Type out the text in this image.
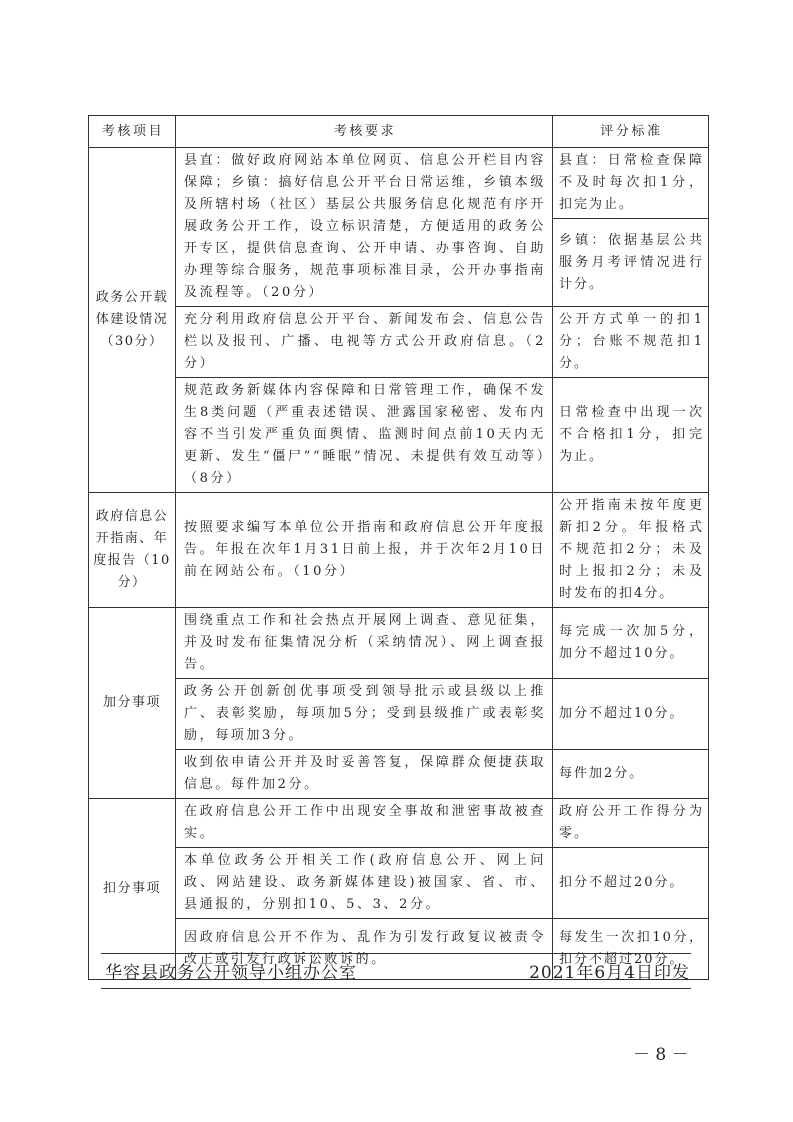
考核项目	考核要求	评分标准
政务公开载体建设情况（30分）	县直：做好政府网站本单位网页、信息公开栏目内容保障；乡镇：搞好信息公开平台日常运维，乡镇本级及所辖村场（社区）基层公共服务信息化规范有序开展政务公开工作，设立标识清楚，方便适用的政务公开专区，提供信息查询、公开申请、办事咨询、自助办理等综合服务，规范事项标准目录，公开办事指南及流程等。（20分）	县直：日常检查保障不及时每次扣1分，扣完为止。
		乡镇：依据基层公共服务月考评情况进行计分。
	充分利用政府信息公开平台、新闻发布会、信息公告栏以及报刊、广播、电视等方式公开政府信息。（2分）	公开方式单一的扣1分；台账不规范扣1分。
	规范政务新媒体内容保障和日常管理工作，确保不发生8类问题（严重表述错误、泄露国家秘密、发布内容不当引发严重负面舆情、监测时间点前10天内无更新、发生“僵尸”“睡眠”情况、未提供有效互动等）（8分）	日常检查中出现一次不合格扣1分，扣完为止。
政府信息公开指南、年度报告（10分）	按照要求编写本单位公开指南和政府信息公开年度报告。年报在次年1月31日前上报，并于次年2月10日前在网站公布。（10分）	公开指南未按年度更新扣2分。年报格式不规范扣2分；未及时上报扣2分；未及时发布的扣4分。
加分事项	围绕重点工作和社会热点开展网上调查、意见征集，并及时发布征集情况分析（采纳情况）、网上调查报告。	每完成一次加5分，加分不超过10分。
	政务公开创新创优事项受到领导批示或县级以上推广、表彰奖励，每项加5分；受到县级推广或表彰奖励，每项加3分。	加分不超过10分。
	收到依申请公开并及时妥善答复，保障群众便捷获取信息。每件加2分。	每件加2分。
扣分事项	在政府信息公开工作中出现安全事故和泄密事故被查实。	政府公开工作得分为零。
	本单位政务公开相关工作(政府信息公开、网上问政、网站建设、政务新媒体建设)被国家、省、市、县通报的，分别扣10、5、3、2分。	扣分不超过20分。
	因政府信息公开不作为、乱作为引发行政复议被责令改正或引发行政诉讼败诉的。	每发生一次扣10分，扣分不超过20分。
华容县政务公开领导小组办公室	2021年6月4日印发
－ 8 －
